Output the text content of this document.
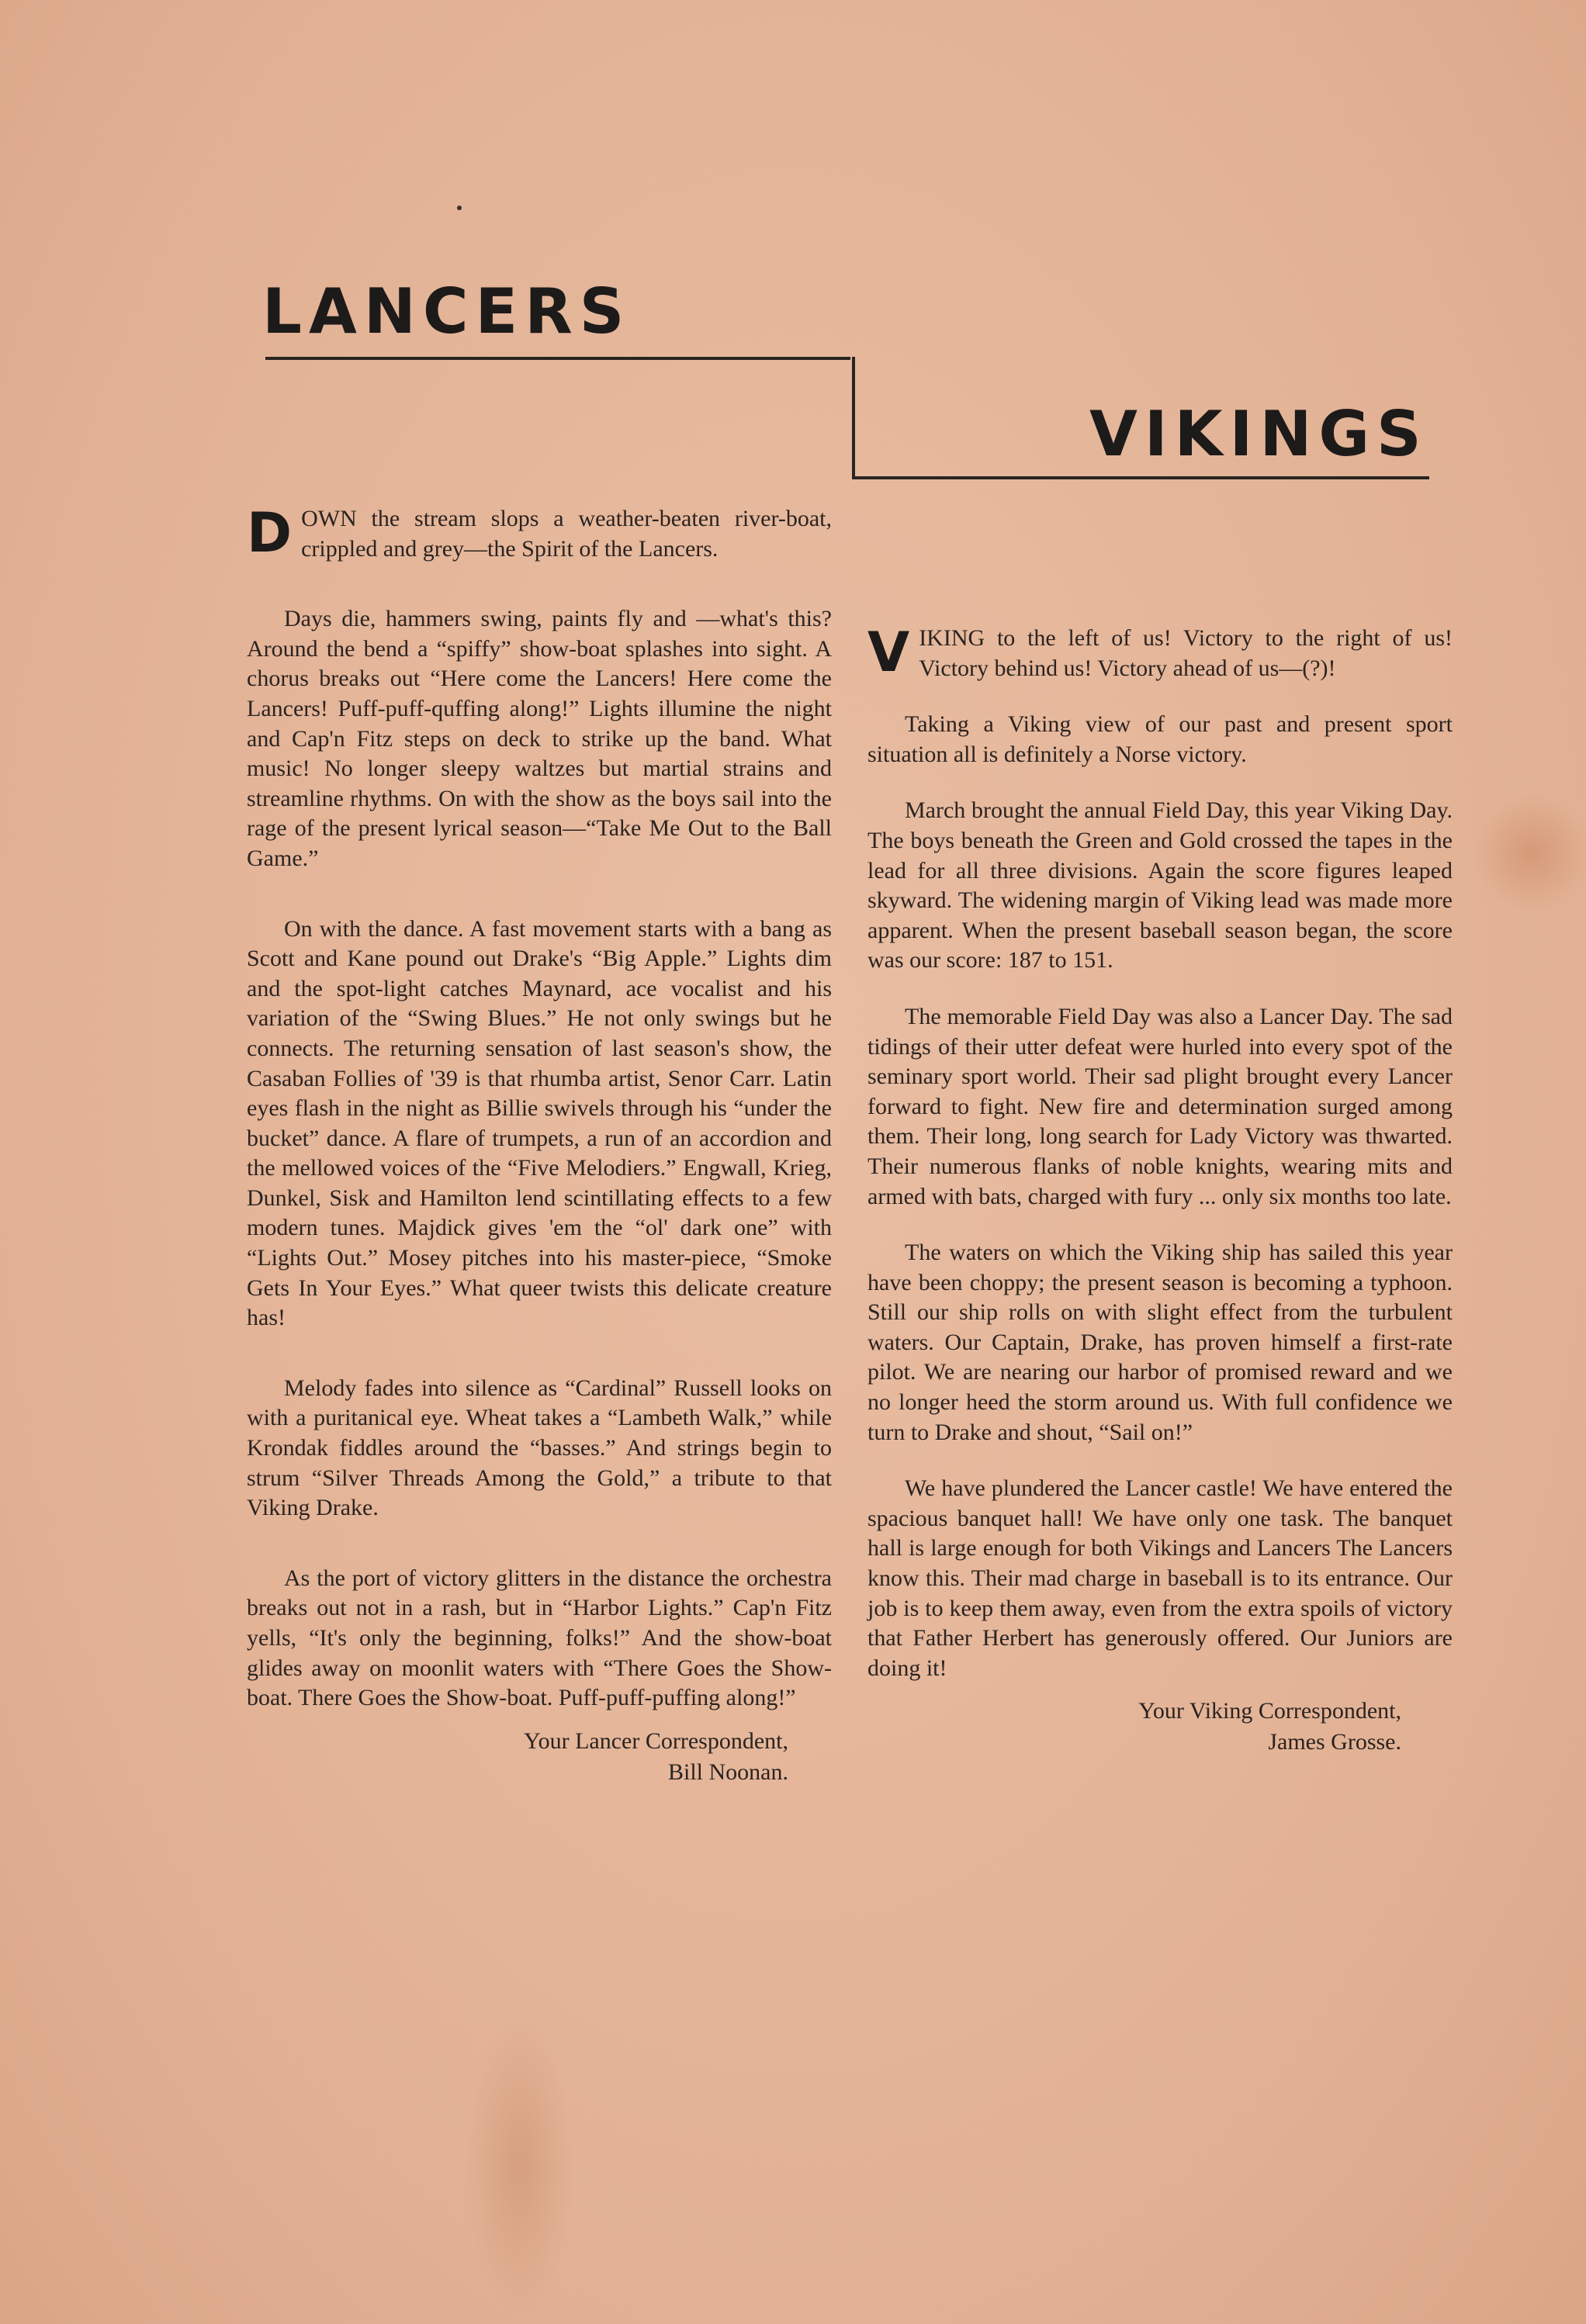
LANCERS
VIKINGS

DOWN the stream slops a weather-beaten river-boat, crippled and grey—the Spirit of the Lancers.

Days die, hammers swing, paints fly and —what's this? Around the bend a “spiffy” show-boat splashes into sight. A chorus breaks out “Here come the Lancers! Here come the Lancers! Puff-puff-quffing along!” Lights illumine the night and Cap'n Fitz steps on deck to strike up the band. What music! No longer sleepy waltzes but martial strains and streamline rhythms. On with the show as the boys sail into the rage of the present lyrical season—“Take Me Out to the Ball Game.”

On with the dance. A fast movement starts with a bang as Scott and Kane pound out Drake's “Big Apple.” Lights dim and the spot-light catches Maynard, ace vocalist and his variation of the “Swing Blues.” He not only swings but he connects. The returning sensation of last season's show, the Casaban Follies of '39 is that rhumba artist, Senor Carr. Latin eyes flash in the night as Billie swivels through his “under the bucket” dance. A flare of trumpets, a run of an accordion and the mellowed voices of the “Five Melodiers.” Engwall, Krieg, Dunkel, Sisk and Hamilton lend scintillating effects to a few modern tunes. Majdick gives 'em the “ol' dark one” with “Lights Out.” Mosey pitches into his master-piece, “Smoke Gets In Your Eyes.” What queer twists this delicate creature has!

Melody fades into silence as “Cardinal” Russell looks on with a puritanical eye. Wheat takes a “Lambeth Walk,” while Krondak fiddles around the “basses.” And strings begin to strum “Silver Threads Among the Gold,” a tribute to that Viking Drake.

As the port of victory glitters in the distance the orchestra breaks out not in a rash, but in “Harbor Lights.” Cap'n Fitz yells, “It's only the beginning, folks!” And the show-boat glides away on moonlit waters with “There Goes the Show-boat. There Goes the Show-boat. Puff-puff-puffing along!”

Your Lancer Correspondent,
Bill Noonan.

VIKING to the left of us! Victory to the right of us! Victory behind us! Victory ahead of us—(?)!

Taking a Viking view of our past and present sport situation all is definitely a Norse victory.

March brought the annual Field Day, this year Viking Day. The boys beneath the Green and Gold crossed the tapes in the lead for all three divisions. Again the score figures leaped skyward. The widening margin of Viking lead was made more apparent. When the present baseball season began, the score was our score: 187 to 151.

The memorable Field Day was also a Lancer Day. The sad tidings of their utter defeat were hurled into every spot of the seminary sport world. Their sad plight brought every Lancer forward to fight. New fire and determination surged among them. Their long, long search for Lady Victory was thwarted. Their numerous flanks of noble knights, wearing mits and armed with bats, charged with fury ... only six months too late.

The waters on which the Viking ship has sailed this year have been choppy; the present season is becoming a typhoon. Still our ship rolls on with slight effect from the turbulent waters. Our Captain, Drake, has proven himself a first-rate pilot. We are nearing our harbor of promised reward and we no longer heed the storm around us. With full confidence we turn to Drake and shout, “Sail on!”

We have plundered the Lancer castle! We have entered the spacious banquet hall! We have only one task. The banquet hall is large enough for both Vikings and Lancers The Lancers know this. Their mad charge in baseball is to its entrance. Our job is to keep them away, even from the extra spoils of victory that Father Herbert has generously offered. Our Juniors are doing it!

Your Viking Correspondent,
James Grosse.
